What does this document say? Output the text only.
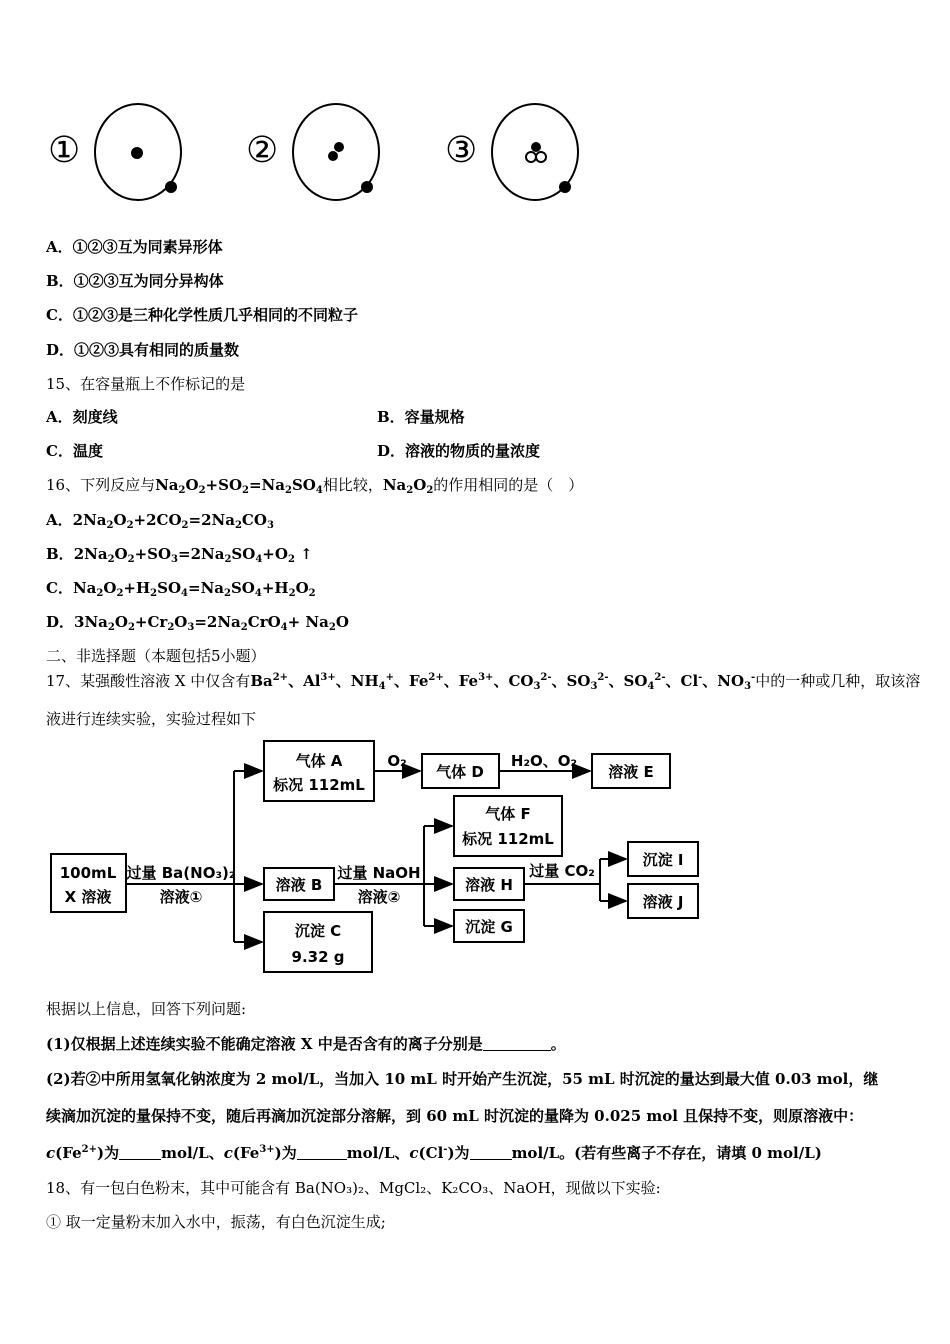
①	②	③
A．①②③互为同素异形体
B．①②③互为同分异构体
C．①②③是三种化学性质几乎相同的不同粒子
D．①②③具有相同的质量数
15、在容量瓶上不作标记的是
A．刻度线	B．容量规格
C．温度	D．溶液的物质的量浓度
16、下列反应与$Na_2O_2+SO_2=Na_2SO_4$相比较，$Na_2O_2$的作用相同的是（　）
A．$2Na_2O_2+2CO_2=2Na_2CO_3$
B．$2Na_2O_2+SO_3=2Na_2SO_4+O_2$ ↑
C．$Na_2O_2+H_2SO_4=Na_2SO_4+H_2O_2$
D．$3Na_2O_2+Cr_2O_3=2Na_2CrO_4+ Na_2O$
二、非选择题（本题包括5小题）
17、某强酸性溶液 X 中仅含有$Ba^{2+}$、$Al^{3+}$、$NH_4^+$、$Fe^{2+}$、$Fe^{3+}$、$CO_3^{2-}$、$SO_3^{2-}$、$SO_4^{2-}$、Cl-、$NO_3^-$中的一种或几种，取该溶
液进行连续实验，实验过程如下
100mL
X 溶液
过量 Ba(NO₃)₂
溶液①
气体 A
标况 112mL
O₂
气体 D
H₂O、O₂
溶液 E
溶液 B
过量 NaOH
溶液②
沉淀 C
9.32 g
气体 F
标况 112mL
溶液 H
沉淀 G
过量 CO₂
沉淀 I
溶液 J
根据以上信息，回答下列问题:
(1)仅根据上述连续实验不能确定溶液 X 中是否含有的离子分别是	。
(2)若②中所用氢氧化钠浓度为 2 mol/L，当加入 10 mL 时开始产生沉淀，55 mL 时沉淀的量达到最大值 0.03 mol，继
续滴加沉淀的量保持不变，随后再滴加沉淀部分溶解，到 60 mL 时沉淀的量降为 0.025 mol 且保持不变，则原溶液中：
$c(Fe^{2+})$为	mol/L、$c(Fe^{3+})$为	mol/L、c(Cl-)为	mol/L。(若有些离子不存在，请填 0 mol/L)
18、有一包白色粉末，其中可能含有 Ba(NO₃)₂、MgCl₂、K₂CO₃、NaOH，现做以下实验:
① 取一定量粉末加入水中，振荡，有白色沉淀生成;
